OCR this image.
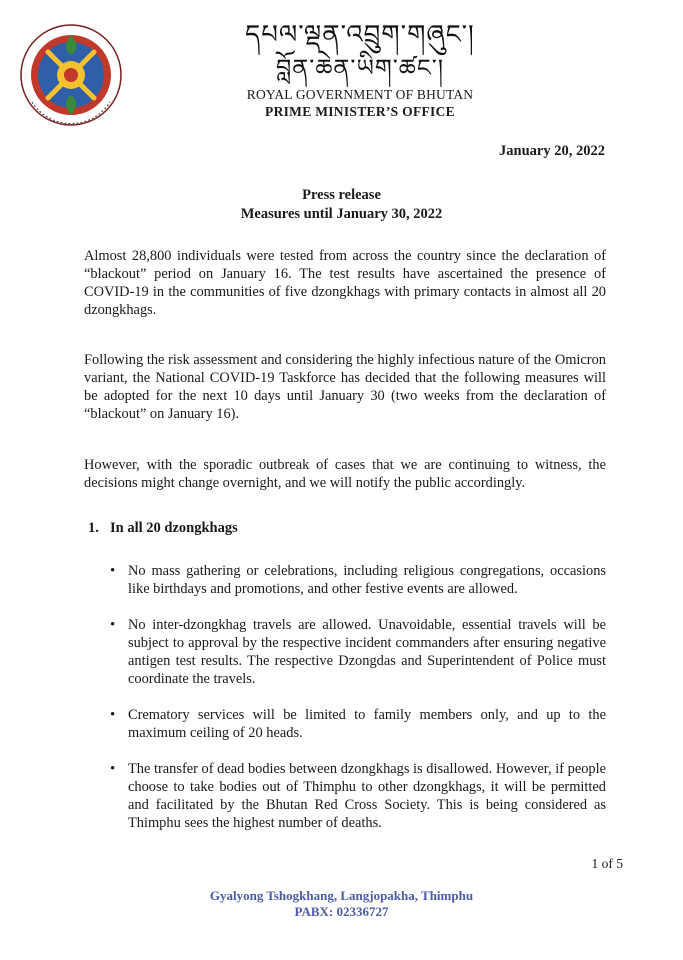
དཔལ་ལྡན་འབྲུག་གཞུང་།
བློན་ཆེན་ཡིག་ཚང་།
ROYAL GOVERNMENT OF BHUTAN
PRIME MINISTER’S OFFICE
January 20, 2022
Press release
Measures until January 30, 2022
Almost 28,800 individuals were tested from across the country since the declaration of “blackout” period on January 16. The test results have ascertained the presence of COVID-19 in the communities of five dzongkhags with primary contacts in almost all 20 dzongkhags.
Following the risk assessment and considering the highly infectious nature of the Omicron variant, the National COVID-19 Taskforce has decided that the following measures will be adopted for the next 10 days until January 30 (two weeks from the declaration of “blackout” on January 16).
However, with the sporadic outbreak of cases that we are continuing to witness, the decisions might change overnight, and we will notify the public accordingly.
1. In all 20 dzongkhags
• No mass gathering or celebrations, including religious congregations, occasions like birthdays and promotions, and other festive events are allowed.
• No inter-dzongkhag travels are allowed. Unavoidable, essential travels will be subject to approval by the respective incident commanders after ensuring negative antigen test results. The respective Dzongdas and Superintendent of Police must coordinate the travels.
• Crematory services will be limited to family members only, and up to the maximum ceiling of 20 heads.
• The transfer of dead bodies between dzongkhags is disallowed. However, if people choose to take bodies out of Thimphu to other dzongkhags, it will be permitted and facilitated by the Bhutan Red Cross Society. This is being considered as Thimphu sees the highest number of deaths.
1 of 5
Gyalyong Tshogkhang, Langjopakha, Thimphu
PABX: 02336727
